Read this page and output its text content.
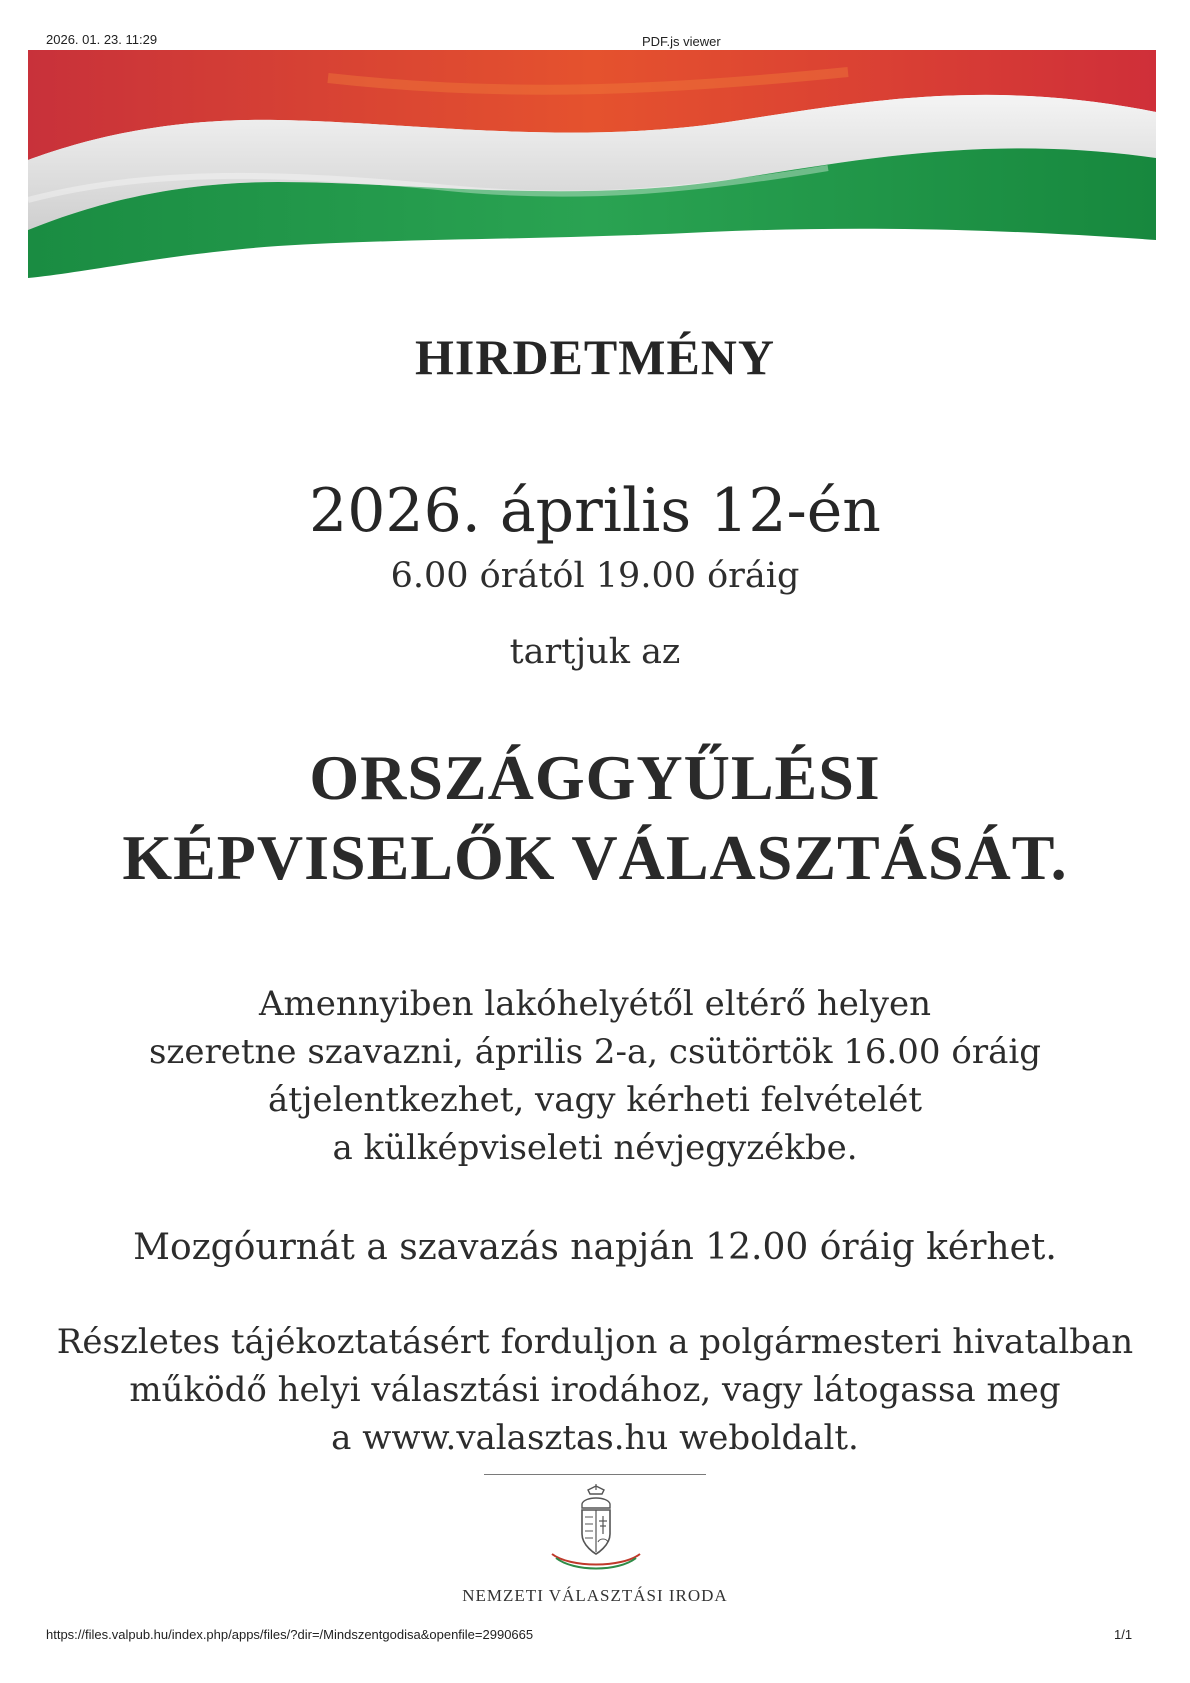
2026. 01. 23. 11:29	PDF.js viewer
HIRDETMÉNY
2026. április 12-én
6.00 órától 19.00 óráig
tartjuk az
ORSZÁGGYŰLÉSI
KÉPVISELŐK VÁLASZTÁSÁT.
Amennyiben lakóhelyétől eltérő helyen
szeretne szavazni, április 2-a, csütörtök 16.00 óráig
átjelentkezhet, vagy kérheti felvételét
a külképviseleti névjegyzékbe.
Mozgóurnát a szavazás napján 12.00 óráig kérhet.
Részletes tájékoztatásért forduljon a polgármesteri hivatalban
működő helyi választási irodához, vagy látogassa meg
a www.valasztas.hu weboldalt.
NEMZETI VÁLASZTÁSI IRODA
https://files.valpub.hu/index.php/apps/files/?dir=/Mindszentgodisa&openfile=2990665	1/1
